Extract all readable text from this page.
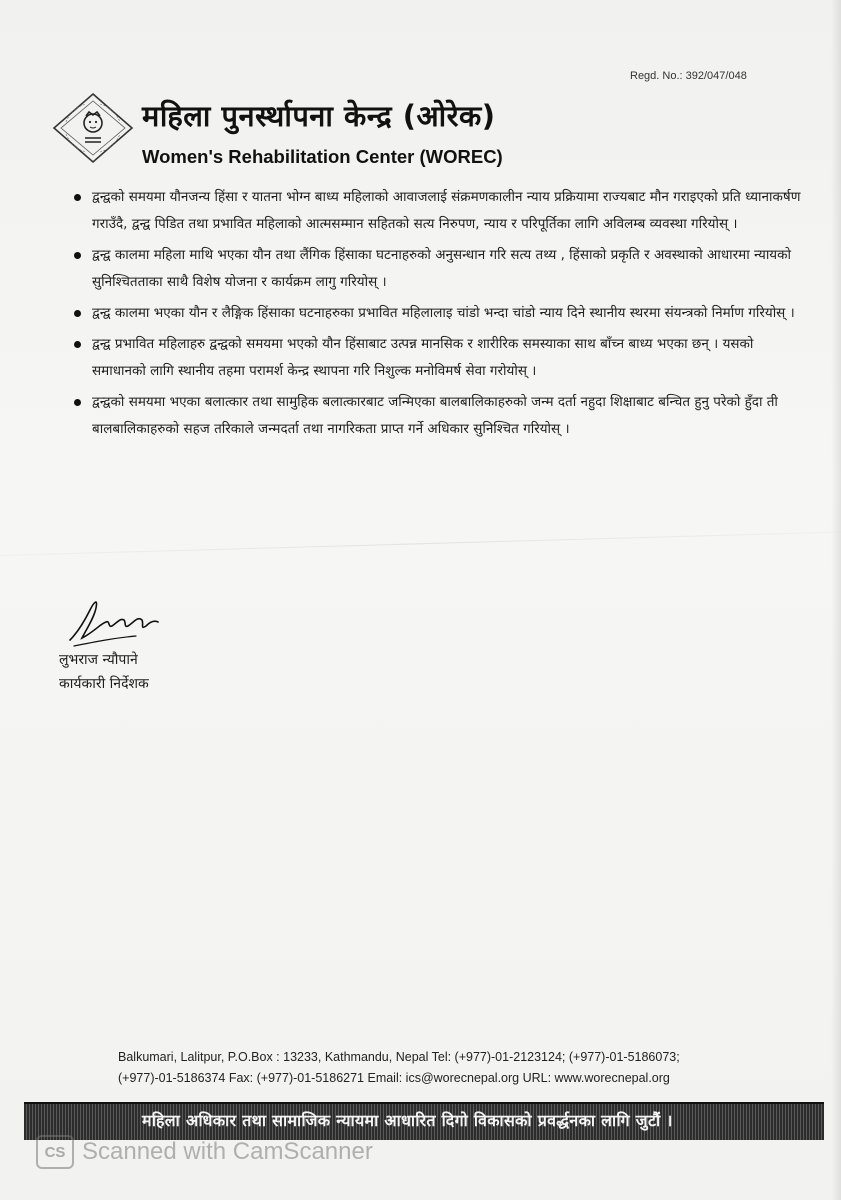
Regd. No.: 392/047/048
महिला पुनर्स्थापना केन्द्र (ओरेक)
Women's Rehabilitation Center (WOREC)
द्वन्द्वको समयमा यौनजन्य हिंसा र यातना भोग्न बाध्य महिलाको आवाजलाई संक्रमणकालीन न्याय प्रक्रियामा राज्यबाट मौन गराइएको प्रति ध्यानाकर्षण गराउँदै, द्वन्द्व पिडित तथा प्रभावित महिलाको आत्मसम्मान सहितको सत्य निरुपण, न्याय र परिपूर्तिका लागि अविलम्ब व्यवस्था गरियोस् ।
द्वन्द्व कालमा महिला माथि भएका यौन तथा लैंगिक हिंसाका घटनाहरुको अनुसन्धान गरि सत्य तथ्य , हिंसाको प्रकृति र अवस्थाको आधारमा न्यायको सुनिश्चितताका साथै विशेष योजना र कार्यक्रम लागु गरियोस् ।
द्वन्द्व कालमा भएका यौन र लैङ्गिक हिंसाका घटनाहरुका प्रभावित महिलालाइ चांडो भन्दा चांडो न्याय दिने स्थानीय स्थरमा संयन्त्रको निर्माण गरियोस् ।
द्वन्द्व प्रभावित महिलाहरु द्वन्द्वको समयमा भएको यौन हिंसाबाट उत्पन्न मानसिक र शारीरिक समस्याका साथ बाँच्न बाध्य भएका छन् । यसको समाधानको लागि स्थानीय तहमा परामर्श केन्द्र स्थापना गरि निशुल्क मनोविमर्ष सेवा गरोयोस् ।
द्वन्द्वको समयमा भएका बलात्कार तथा सामुहिक बलात्कारबाट जन्मिएका बालबालिकाहरुको जन्म दर्ता नहुदा शिक्षाबाट बन्चित हुनु परेको हुँदा ती बालबालिकाहरुको सहज तरिकाले जन्मदर्ता तथा नागरिकता प्राप्त गर्ने अधिकार सुनिश्चित गरियोस् ।
लुभराज न्यौपाने
कार्यकारी निर्देशक
Balkumari, Lalitpur, P.O.Box : 13233, Kathmandu, Nepal Tel: (+977)-01-2123124; (+977)-01-5186073;
(+977)-01-5186374 Fax: (+977)-01-5186271 Email: ics@worecnepal.org URL: www.worecnepal.org
महिला अधिकार तथा सामाजिक न्यायमा आधारित दिगो विकासको प्रवर्द्धनका लागि जुटौं ।
CS Scanned with CamScanner
